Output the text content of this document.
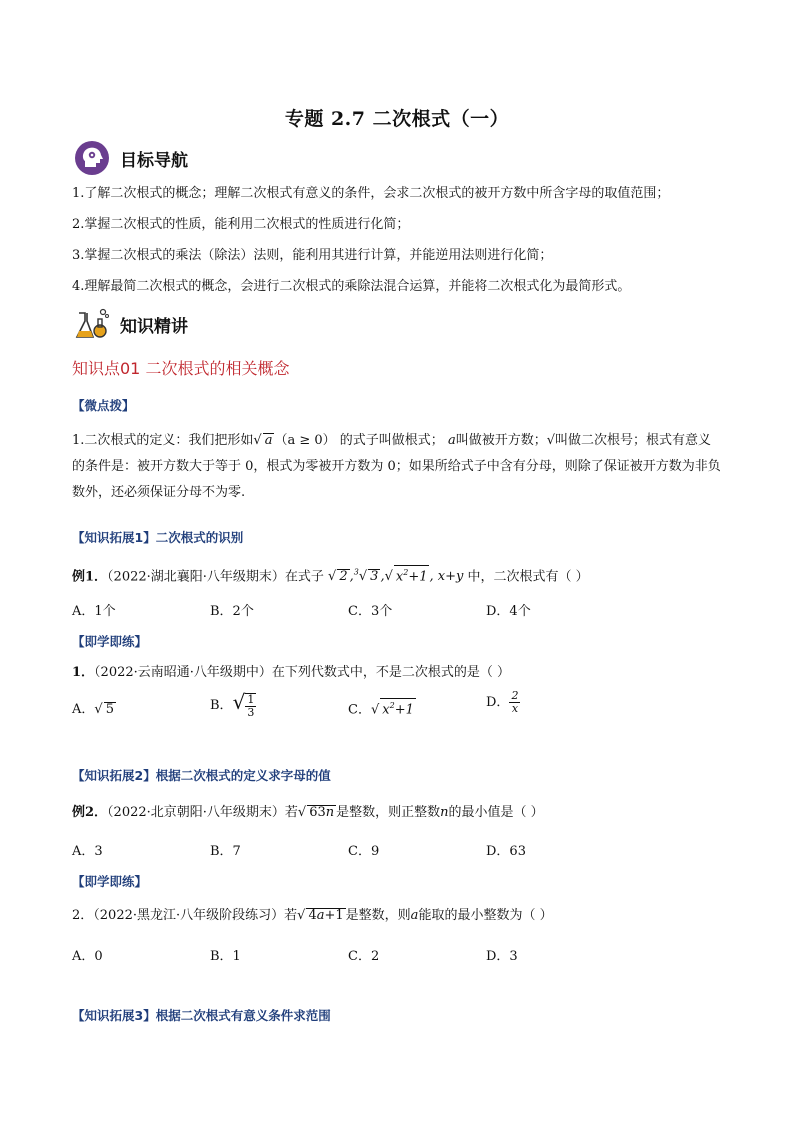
专题 2.7 二次根式（一）
目标导航
1.了解二次根式的概念；理解二次根式有意义的条件，会求二次根式的被开方数中所含字母的取值范围；
2.掌握二次根式的性质，能利用二次根式的性质进行化简；
3.掌握二次根式的乘法（除法）法则，能利用其进行计算，并能逆用法则进行化简；
4.理解最简二次根式的概念，会进行二次根式的乘除法混合运算，并能将二次根式化为最简形式。
知识精讲
知识点01 二次根式的相关概念
【微点拨】
1.二次根式的定义：我们把形如√ a （a ≥ 0） 的式子叫做根式； a叫做被开方数；√叫做二次根号；根式有意义的条件是：被开方数大于等于 0，根式为零被开方数为 0；如果所给式子中含有分母，则除了保证被开方数为非负数外，还必须保证分母不为零.
【知识拓展1】二次根式的识别
例1．（2022·湖北襄阳·八年级期末）在式子 √ 2 ,$^3$√ 3 ,√ $x^2+1$ , x+y 中，二次根式有（ ）
A．1个	B．2个	C．3个	D．4个
【即学即练】
1．（2022·云南昭通·八年级期中）在下列代数式中，不是二次根式的是（ ）
A．√ 5	B．√ $\frac{1}{3}$	C．√ $x^2+1$	D． $\frac{2}{x}$
【知识拓展2】根据二次根式的定义求字母的值
例2．（2022·北京朝阳·八年级期末）若√ 63n 是整数，则正整数n的最小值是（ ）
A．3	B．7	C．9	D．63
【即学即练】
2．（2022·黑龙江·八年级阶段练习）若√ 4a+1 是整数，则a能取的最小整数为（ ）
A．0	B．1	C．2	D．3
【知识拓展3】根据二次根式有意义条件求范围
